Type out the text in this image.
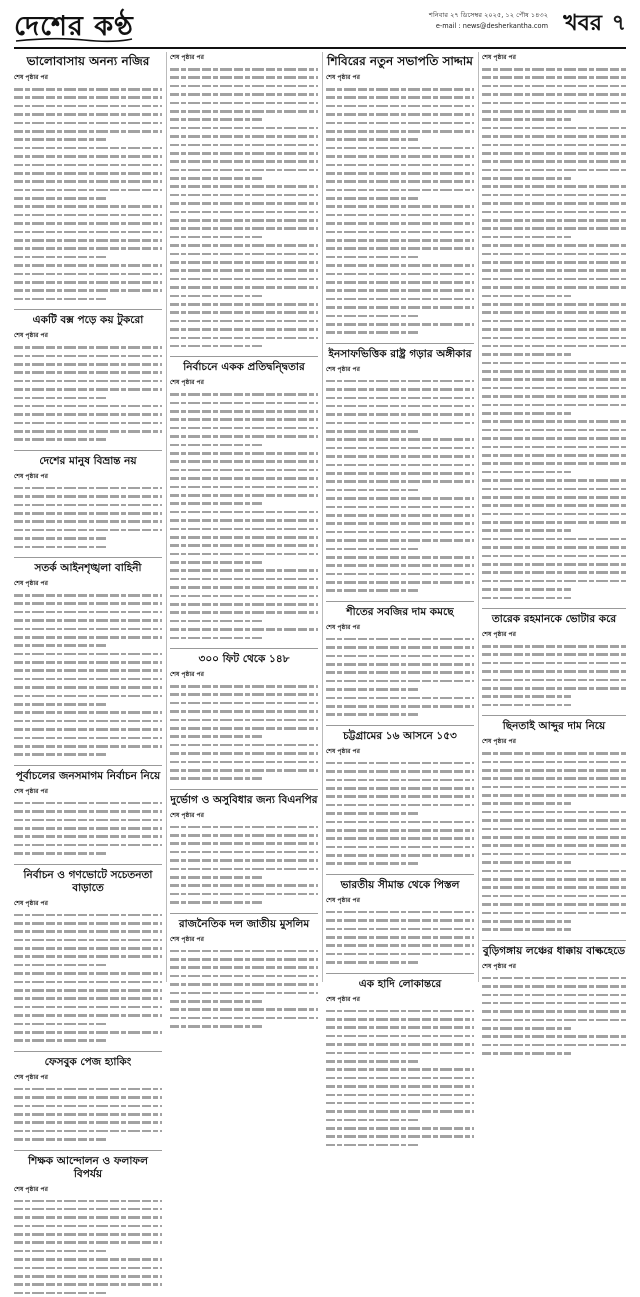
দেশের কণ্ঠ	শনিবার ২৭ ডিসেম্বর ২০২৫, ১২ পৌষ ১৪৩২
e-mail : news@desherkantha.com খবর ৭
ভালোবাসায় অনন্য নজির
শেষ পৃষ্ঠার পর
একটি বক্স পড়ে কয় টুকরো
শেষ পৃষ্ঠার পর
দেশের মানুষ বিভ্রান্ত নয়
শেষ পৃষ্ঠার পর
সতর্ক আইনশৃঙ্খলা বাহিনী
শেষ পৃষ্ঠার পর
পূর্বাচলের জনসমাগম নির্বাচন নিয়ে
শেষ পৃষ্ঠার পর
নির্বাচন ও গণভোটে সচেতনতা বাড়াতে
শেষ পৃষ্ঠার পর
ফেসবুক পেজ হ্যাকিং
শেষ পৃষ্ঠার পর
শিক্ষক আন্দোলন ও ফলাফল বিপর্যয়
শেষ পৃষ্ঠার পর
শেষ পৃষ্ঠার পর
নির্বাচনে একক প্রতিদ্বন্দ্বিতার
শেষ পৃষ্ঠার পর
৩০০ ফিট থেকে ১৪৮
শেষ পৃষ্ঠার পর
দুর্ভোগ ও অসুবিধার জন্য বিএনপির
শেষ পৃষ্ঠার পর
রাজনৈতিক দল জাতীয় মুসলিম
শেষ পৃষ্ঠার পর
শিবিরের নতুন সভাপতি সাদ্দাম
শেষ পৃষ্ঠার পর
ইনসাফভিত্তিক রাষ্ট্র গড়ার অঙ্গীকার
শেষ পৃষ্ঠার পর
শীতের সবজির দাম কমছে
শেষ পৃষ্ঠার পর
চট্টগ্রামের ১৬ আসনে ১৫৩
শেষ পৃষ্ঠার পর
ভারতীয় সীমান্ত থেকে পিস্তল
শেষ পৃষ্ঠার পর
এক হাদি লোকান্তরে
শেষ পৃষ্ঠার পর
শেষ পৃষ্ঠার পর
তারেক রহমানকে ভোটার করে
শেষ পৃষ্ঠার পর
ছিনতাই আব্দুর দাম নিয়ে
শেষ পৃষ্ঠার পর
বুড়িগঙ্গায় লঞ্চের ধাক্কায় বাল্কহেডে
শেষ পৃষ্ঠার পর
